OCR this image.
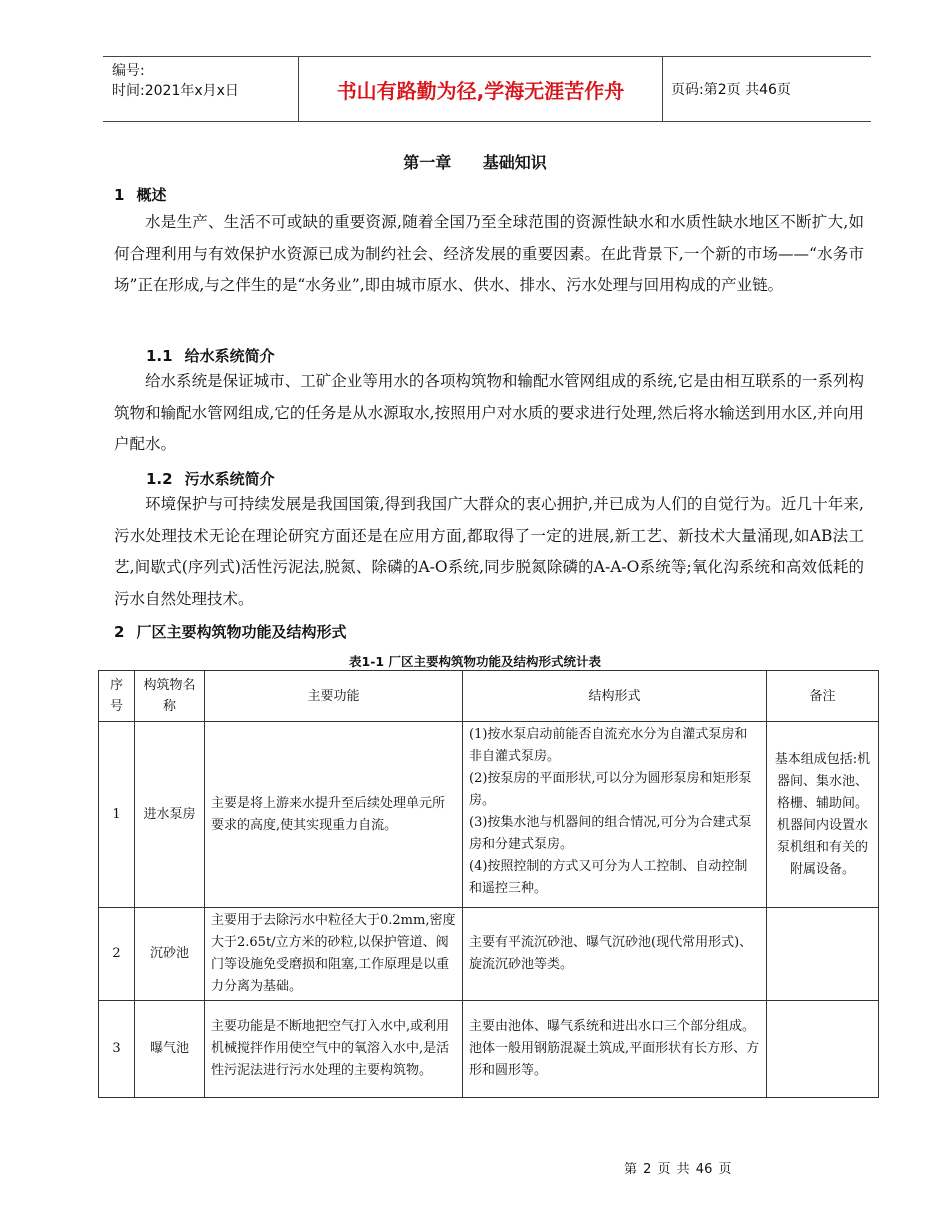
编号:
时间:2021年x月x日	书山有路勤为径,学海无涯苦作舟	页码:第2页 共46页
第一章 基础知识
1 概述

水是生产、生活不可或缺的重要资源,随着全国乃至全球范围的资源性缺水和水质性缺水地区不断扩大,如何合理利用与有效保护水资源已成为制约社会、经济发展的重要因素。在此背景下,一个新的市场——“水务市场”正在形成,与之伴生的是“水务业”,即由城市原水、供水、排水、污水处理与回用构成的产业链。

1.1 给水系统简介

给水系统是保证城市、工矿企业等用水的各项构筑物和输配水管网组成的系统,它是由相互联系的一系列构筑物和输配水管网组成,它的任务是从水源取水,按照用户对水质的要求进行处理,然后将水输送到用水区,并向用户配水。

1.2 污水系统简介

环境保护与可持续发展是我国国策,得到我国广大群众的衷心拥护,并已成为人们的自觉行为。近几十年来,污水处理技术无论在理论研究方面还是在应用方面,都取得了一定的进展,新工艺、新技术大量涌现,如AB法工艺,间歇式(序列式)活性污泥法,脱氮、除磷的A-O系统,同步脱氮除磷的A-A-O系统等;氧化沟系统和高效低耗的污水自然处理技术。

2 厂区主要构筑物功能及结构形式
表1-1 厂区主要构筑物功能及结构形式统计表
序号	构筑物名称	主要功能	结构形式	备注
1	进水泵房	主要是将上游来水提升至后续处理单元所要求的高度,使其实现重力自流。	(1)按水泵启动前能否自流充水分为自灌式泵房和非自灌式泵房。
(2)按泵房的平面形状,可以分为圆形泵房和矩形泵房。
(3)按集水池与机器间的组合情况,可分为合建式泵房和分建式泵房。
(4)按照控制的方式又可分为人工控制、自动控制和遥控三种。	基本组成包括:机器间、集水池、格栅、辅助间。机器间内设置水泵机组和有关的附属设备。
2	沉砂池	主要用于去除污水中粒径大于0.2mm,密度大于2.65t/立方米的砂粒,以保护管道、阀门等设施免受磨损和阻塞,工作原理是以重力分离为基础。	主要有平流沉砂池、曝气沉砂池(现代常用形式)、旋流沉砂池等类。	
3	曝气池	主要功能是不断地把空气打入水中,或利用机械搅拌作用使空气中的氧溶入水中,是活性污泥法进行污水处理的主要构筑物。	主要由池体、曝气系统和进出水口三个部分组成。池体一般用钢筋混凝土筑成,平面形状有长方形、方形和圆形等。	
第 2 页 共 46 页
